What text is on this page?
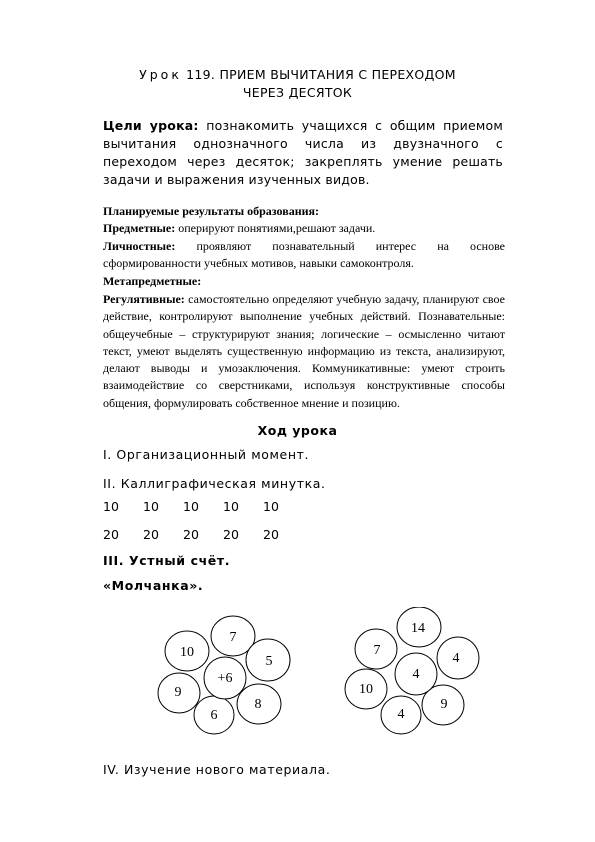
Урок 119. ПРИЕМ ВЫЧИТАНИЯ С ПЕРЕХОДОМ
ЧЕРЕЗ ДЕСЯТОК
Цели урока: познакомить учащихся с общим приемом вычитания однозначного числа из двузначного с переходом через десяток; закреплять умение решать задачи и выражения изученных видов.
Планируемые результаты образования:
Предметные: оперируют понятиями,решают задачи.
Личностные: проявляют познавательный интерес на основе сформированности учебных мотивов, навыки самоконтроля.
Метапредметные:
Регулятивные: самостоятельно определяют учебную задачу, планируют свое действие, контролируют выполнение учебных действий. Познавательные: общеучебные – структурируют знания; логические – осмысленно читают текст, умеют выделять существенную информацию из текста, анализируют, делают выводы и умозаключения. Коммуникативные: умеют строить взаимодействие со сверстниками, используя конструктивные способы общения, формулировать собственное мнение и позицию.
Ход урока
I. Организационный момент.
II. Каллиграфическая минутка.
10 10 10 10 10
20 20 20 20 20
III. Устный счёт.
«Молчанка».
+6
7
5
8
6
9
10
4
14
4
9
4
10
7
IV. Изучение нового материала.
